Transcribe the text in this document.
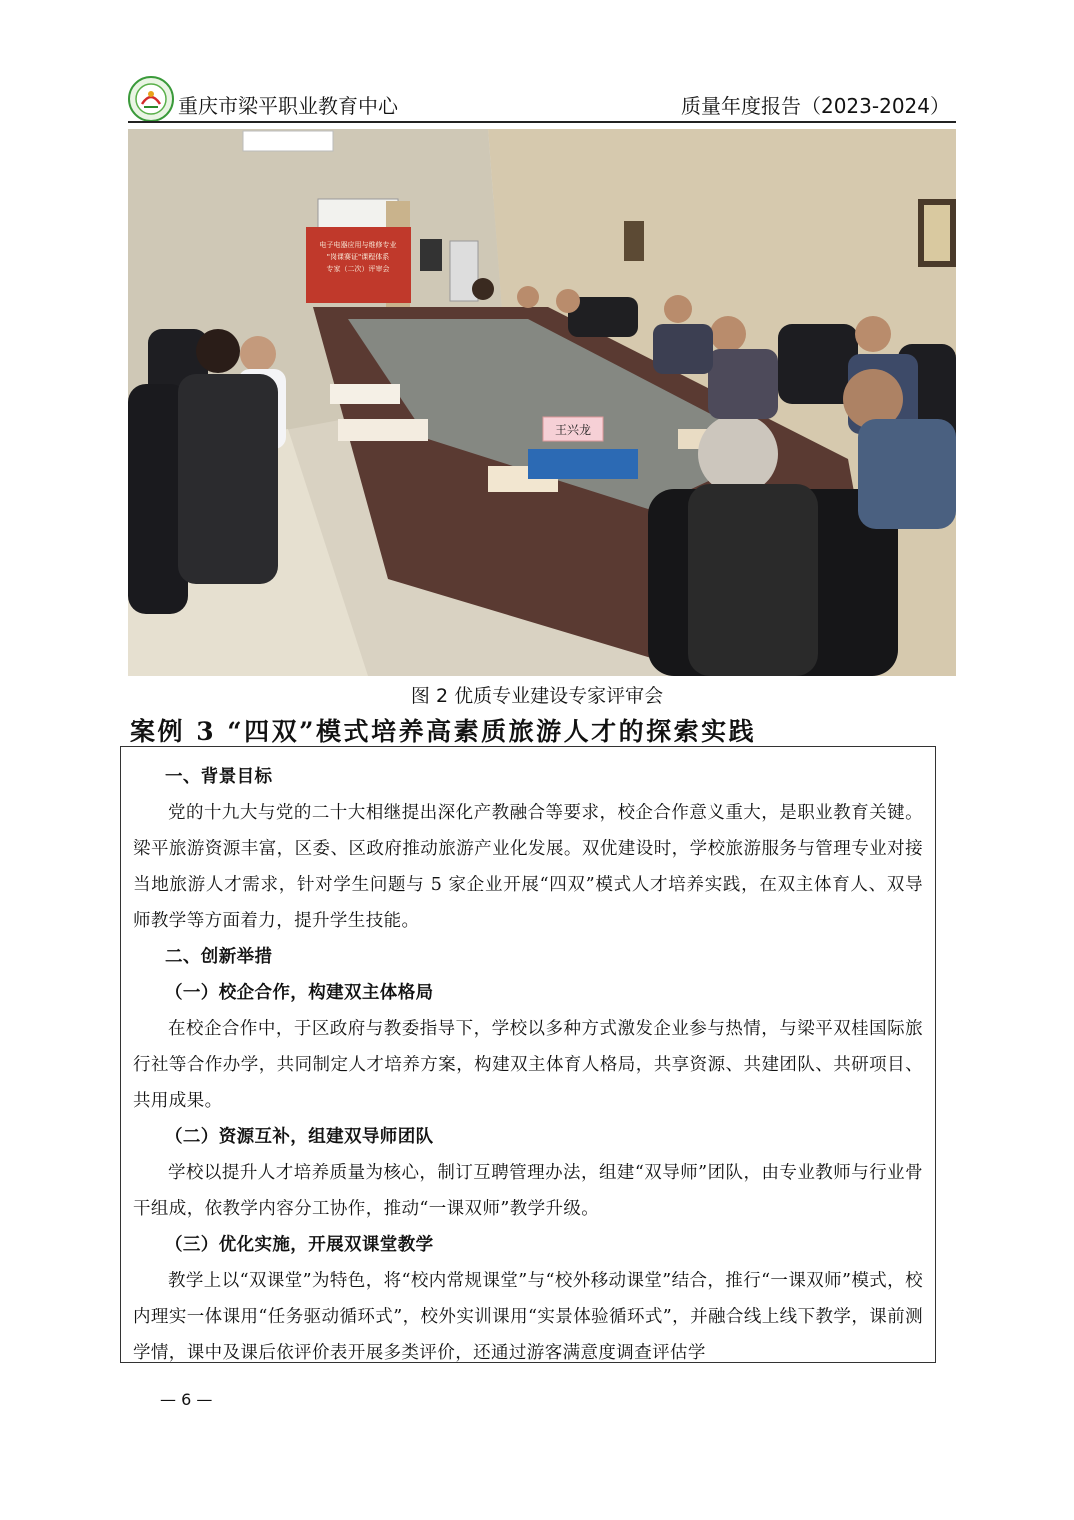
重庆市梁平职业教育中心	质量年度报告（2023-2024）
电子电器应用与维修专业
"岗课赛证"课程体系
专家（二次）评审会
王兴龙
图 2 优质专业建设专家评审会
案例 3 “四双”模式培养高素质旅游人才的探索实践

一、背景目标

党的十九大与党的二十大相继提出深化产教融合等要求，校企合作意义重大，是职业教育关键。梁平旅游资源丰富，区委、区政府推动旅游产业化发展。双优建设时，学校旅游服务与管理专业对接当地旅游人才需求，针对学生问题与 5 家企业开展“四双”模式人才培养实践，在双主体育人、双导师教学等方面着力，提升学生技能。

二、创新举措

（一）校企合作，构建双主体格局

在校企合作中，于区政府与教委指导下，学校以多种方式激发企业参与热情，与梁平双桂国际旅行社等合作办学，共同制定人才培养方案，构建双主体育人格局，共享资源、共建团队、共研项目、共用成果。

（二）资源互补，组建双导师团队

学校以提升人才培养质量为核心，制订互聘管理办法，组建“双导师”团队，由专业教师与行业骨干组成，依教学内容分工协作，推动“一课双师”教学升级。

（三）优化实施，开展双课堂教学

教学上以“双课堂”为特色，将“校内常规课堂”与“校外移动课堂”结合，推行“一课双师”模式，校内理实一体课用“任务驱动循环式”，校外实训课用“实景体验循环式”，并融合线上线下教学，课前测学情，课中及课后依评价表开展多类评价，还通过游客满意度调查评估学

— 6 —
